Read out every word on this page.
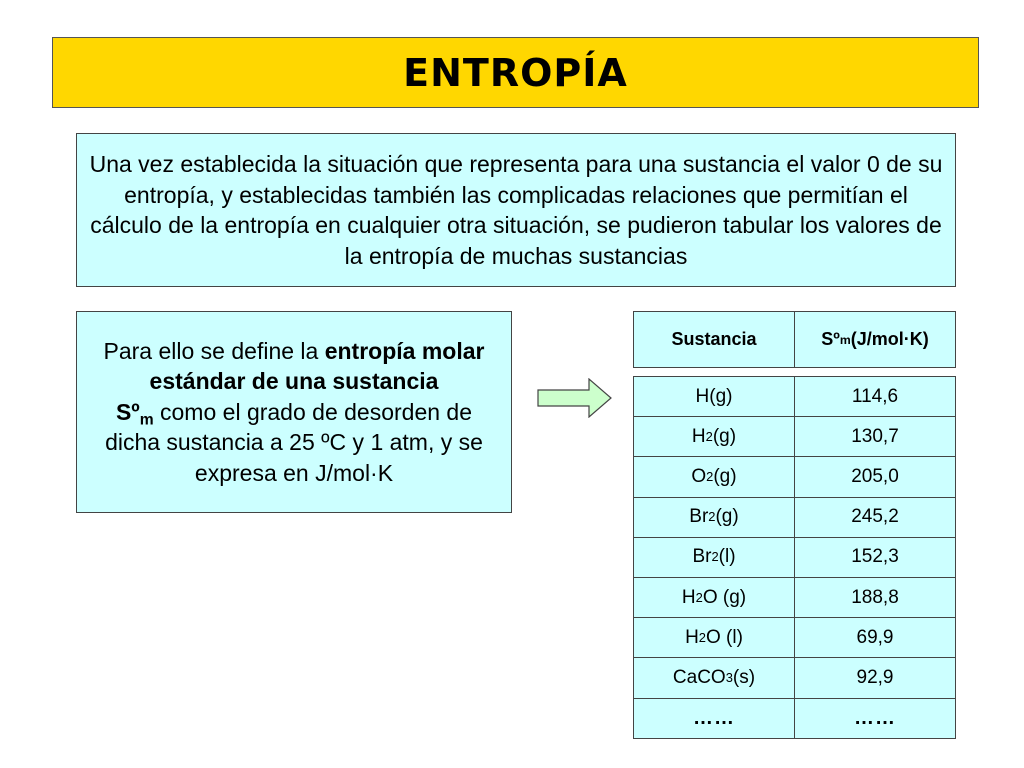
ENTROPÍA
Una vez establecida la situación que representa para una sustancia el valor 0 de su entropía, y establecidas también las complicadas relaciones que permitían el cálculo de la entropía en cualquier otra situación, se pudieron tabular los valores de la entropía de muchas sustancias
Para ello se define la entropía molar estándar de una sustancia
Sº$_m$ como el grado de desorden de dicha sustancia a 25 ºC y 1 atm, y se expresa en J/mol·K
Sustancia	Sº m (J/mol·K)
H (g)	114,6
H 2 (g)	130,7
O 2 (g)	205,0
Br 2 (g)	245,2
Br 2 (l)	152,3
H 2 O (g)	188,8
H 2 O (l)	69,9
CaCO 3 (s)	92,9
……	……
